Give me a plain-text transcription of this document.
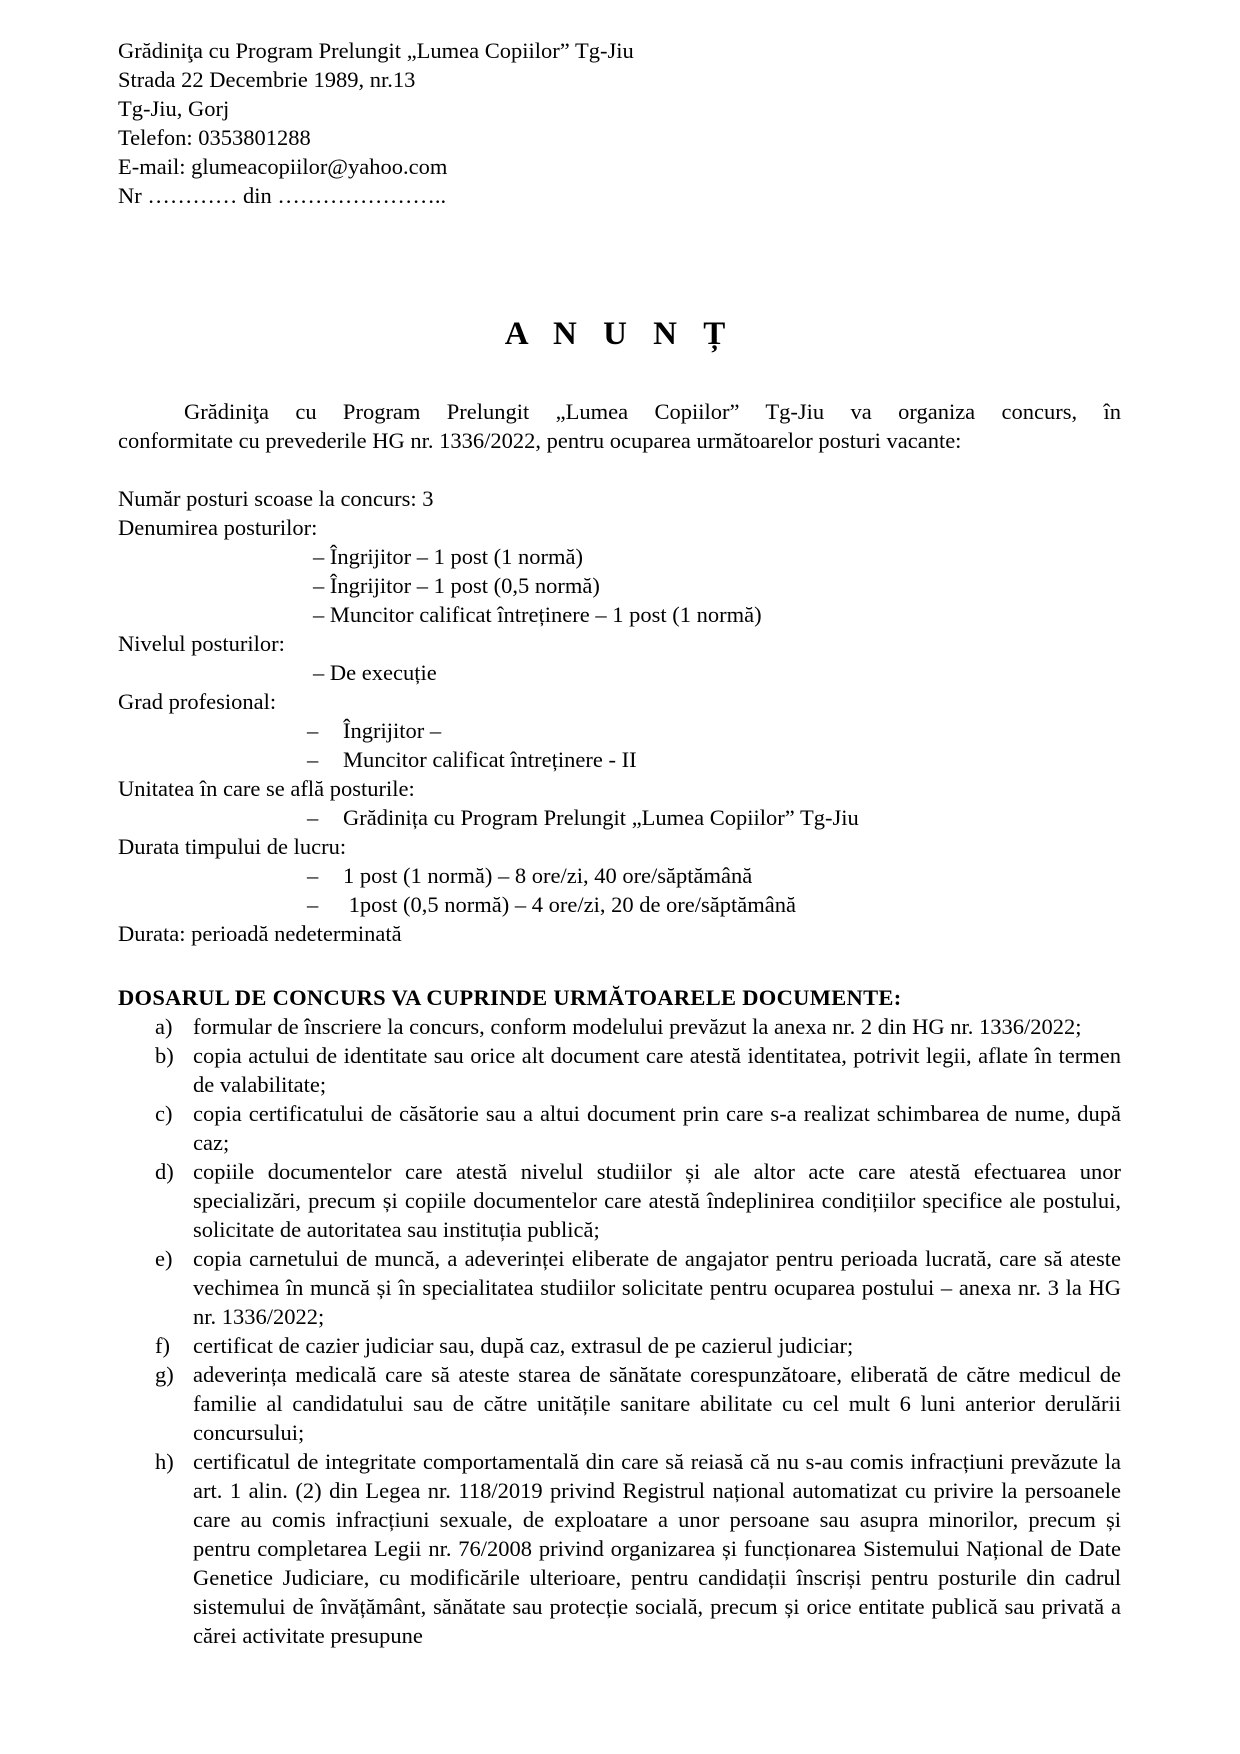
Grădiniţa cu Program Prelungit „Lumea Copiilor” Tg-Jiu
Strada 22 Decembrie 1989, nr.13
Tg-Jiu, Gorj
Telefon: 0353801288
E-mail: glumeacopiilor@yahoo.com
Nr ………… din …………………..
A N U N Ț
Grădiniţa cu Program Prelungit „Lumea Copiilor” Tg-Jiu va organiza concurs, în
conformitate cu prevederile HG nr. 1336/2022, pentru ocuparea următoarelor posturi vacante:
Număr posturi scoase la concurs: 3
Denumirea posturilor:
– Îngrijitor – 1 post (1 normă)
– Îngrijitor – 1 post (0,5 normă)
– Muncitor calificat întreținere – 1 post (1 normă)
Nivelul posturilor:
– De execuție
Grad profesional:
– Îngrijitor –
– Muncitor calificat întreținere - II
Unitatea în care se află posturile:
– Grădinița cu Program Prelungit „Lumea Copiilor” Tg-Jiu
Durata timpului de lucru:
– 1 post (1 normă) – 8 ore/zi, 40 ore/săptămână
– 1post (0,5 normă) – 4 ore/zi, 20 de ore/săptămână
Durata: perioadă nedeterminată
DOSARUL DE CONCURS VA CUPRINDE URMĂTOARELE DOCUMENTE:
a) formular de înscriere la concurs, conform modelului prevăzut la anexa nr. 2 din HG nr. 1336/2022;
b) copia actului de identitate sau orice alt document care atestă identitatea, potrivit legii, aflate în termen de valabilitate;
c) copia certificatului de căsătorie sau a altui document prin care s-a realizat schimbarea de nume, după caz;
d) copiile documentelor care atestă nivelul studiilor și ale altor acte care atestă efectuarea unor specializări, precum și copiile documentelor care atestă îndeplinirea condițiilor specifice ale postului, solicitate de autoritatea sau instituția publică;
e) copia carnetului de muncă, a adeverinței eliberate de angajator pentru perioada lucrată, care să ateste vechimea în muncă și în specialitatea studiilor solicitate pentru ocuparea postului – anexa nr. 3 la HG nr. 1336/2022;
f) certificat de cazier judiciar sau, după caz, extrasul de pe cazierul judiciar;
g) adeverința medicală care să ateste starea de sănătate corespunzătoare, eliberată de către medicul de familie al candidatului sau de către unitățile sanitare abilitate cu cel mult 6 luni anterior derulării concursului;
h) certificatul de integritate comportamentală din care să reiasă că nu s-au comis infracțiuni prevăzute la art. 1 alin. (2) din Legea nr. 118/2019 privind Registrul național automatizat cu privire la persoanele care au comis infracțiuni sexuale, de exploatare a unor persoane sau asupra minorilor, precum și pentru completarea Legii nr. 76/2008 privind organizarea și funcționarea Sistemului Național de Date Genetice Judiciare, cu modificările ulterioare, pentru candidații înscriși pentru posturile din cadrul sistemului de învățământ, sănătate sau protecție socială, precum și orice entitate publică sau privată a cărei activitate presupune
